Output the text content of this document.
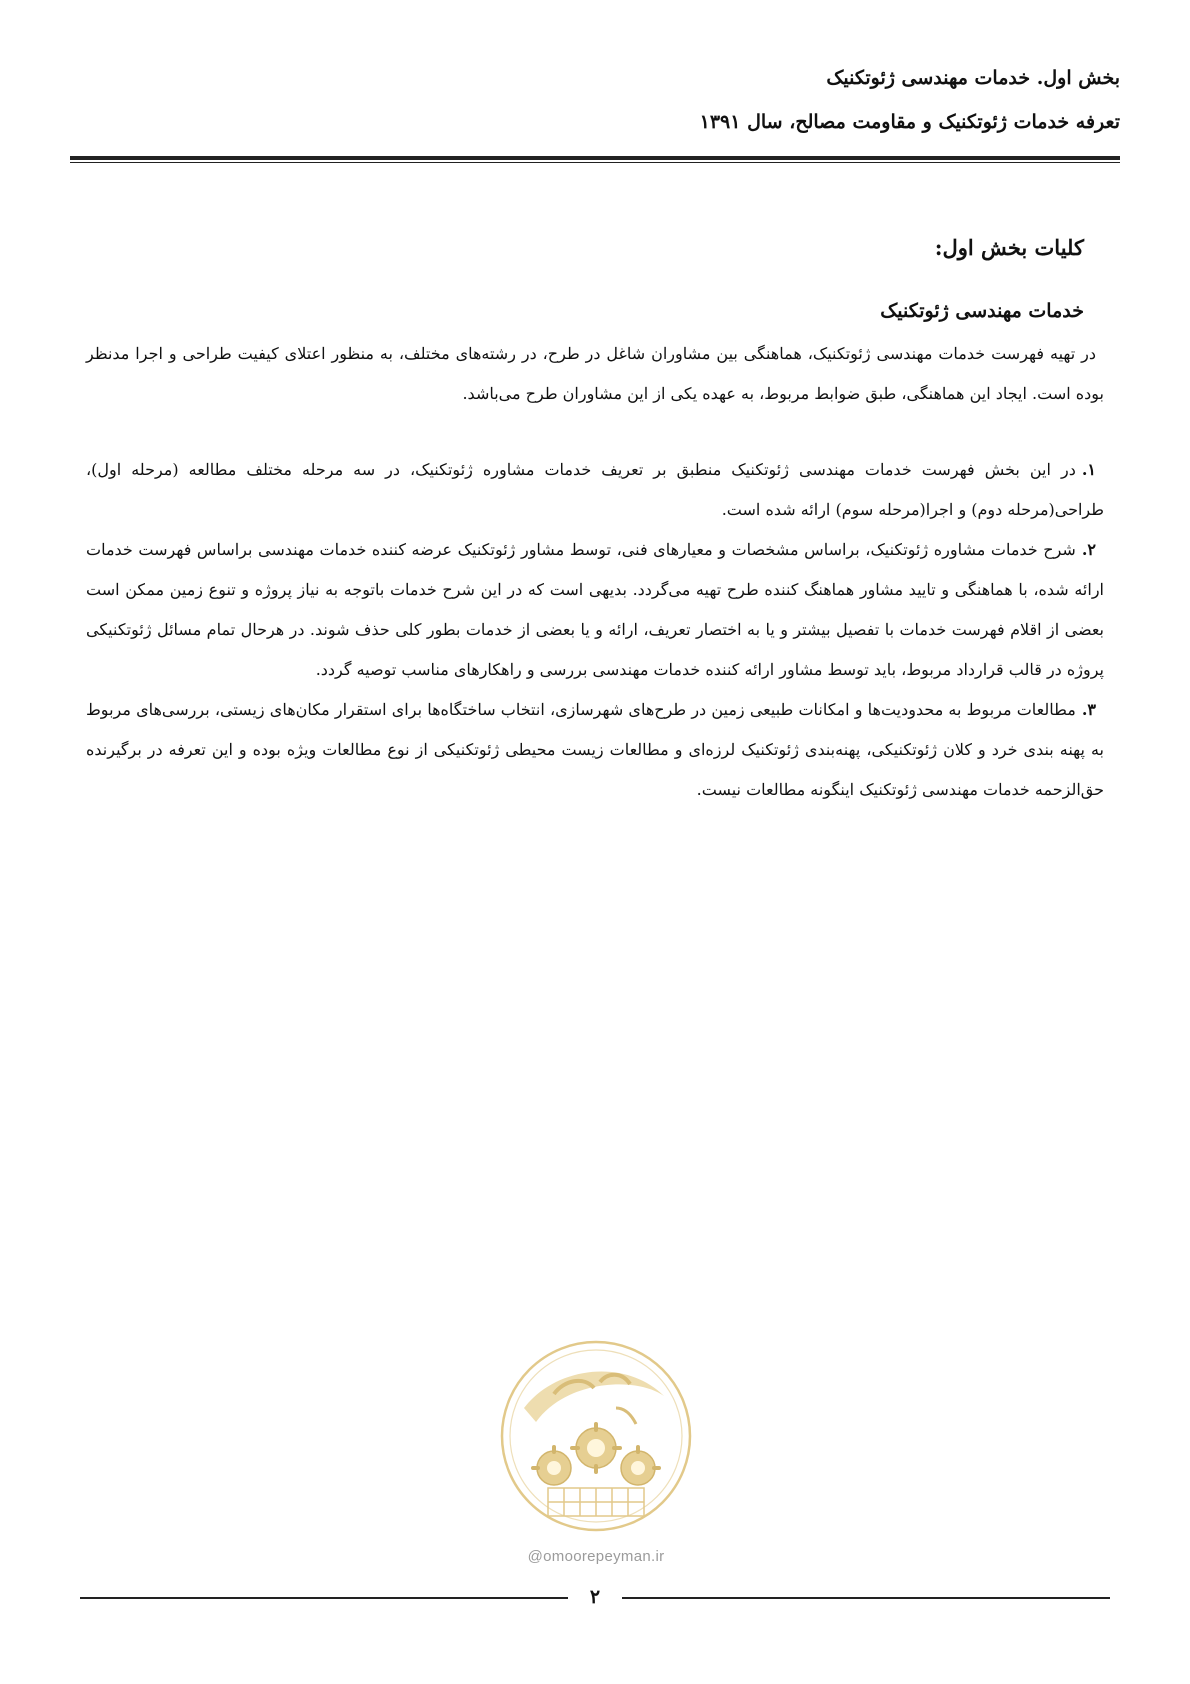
بخش اول. خدمات مهندسی ژئوتکنیک

تعرفه خدمات ژئوتکنیک و مقاومت مصالح، سال ۱۳۹۱

کلیات بخش اول:

خدمات مهندسی ژئوتکنیک

در تهیه فهرست خدمات مهندسی ژئوتکنیک، هماهنگی بین مشاوران شاغل در طرح، در رشته‌های مختلف، به منظور اعتلای کیفیت طراحی و اجرا مدنظر بوده است. ایجاد این هماهنگی، طبق ضوابط مربوط، به عهده یکی از این مشاوران طرح می‌باشد.

۱.در این بخش فهرست خدمات مهندسی ژئوتکنیک منطبق بر تعریف خدمات مشاوره ژئوتکنیک، در سه مرحله مختلف مطالعه (مرحله اول)، طراحی(مرحله دوم) و اجرا(مرحله سوم) ارائه شده است.

۲.شرح خدمات مشاوره ژئوتکنیک، براساس مشخصات و معیارهای فنی، توسط مشاور ژئوتکنیک عرضه کننده خدمات مهندسی براساس فهرست خدمات ارائه شده، با هماهنگی و تایید مشاور هماهنگ کننده طرح تهیه می‌گردد. بدیهی است که در این شرح خدمات باتوجه به نیاز پروژه و تنوع زمین ممکن است بعضی از اقلام فهرست خدمات با تفصیل بیشتر و یا به اختصار تعریف، ارائه و یا بعضی از خدمات بطور کلی حذف شوند. در هرحال تمام مسائل ژئوتکنیکی پروژه در قالب قرارداد مربوط، باید توسط مشاور ارائه کننده خدمات مهندسی بررسی و راهکارهای مناسب توصیه گردد.

۳.مطالعات مربوط به محدودیت‌ها و امکانات طبیعی زمین در طرح‌های شهرسازی، انتخاب ساختگاه‌ها برای استقرار مکان‌های زیستی، بررسی‌های مربوط به پهنه بندی خرد و کلان ژئوتکنیکی، پهنه‌بندی ژئوتکنیک لرزه‌ای و مطالعات زیست محیطی ژئوتکنیکی از نوع مطالعات ویژه بوده و این تعرفه در برگیرنده حق‌الزحمه خدمات مهندسی ژئوتکنیک اینگونه مطالعات نیست.

@omoorepeyman.ir
۲
